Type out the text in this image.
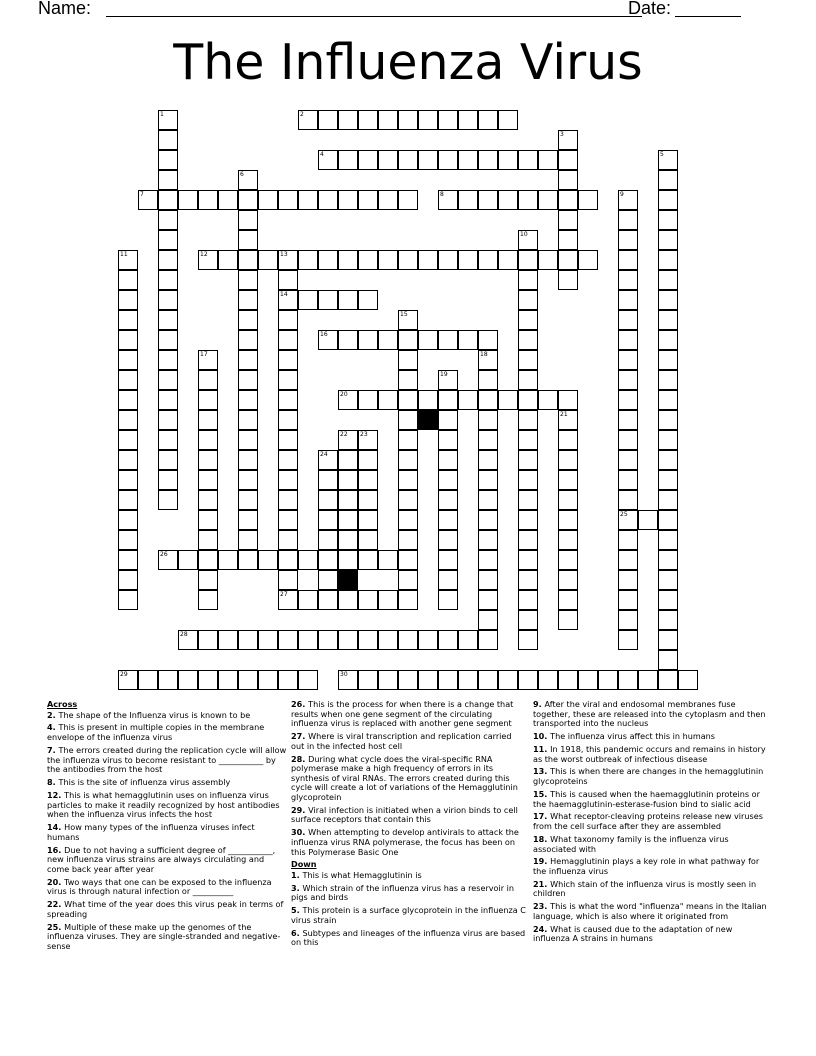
Name:	Date:
The Influenza Virus
1	2
3
4	5
6
7	8	9
25
10
11	12	13
14
15
16
17	18
19
20
21
22 23
24
26
27
28
29	30
Across
2. The shape of the Influenza virus is known to be
4. This is present in multiple copies in the membrane envelope of the influenza virus
7. The errors created during the replication cycle will allow the influenza virus to become resistant to ___________ by the antibodies from the host
8. This is the site of influenza virus assembly
12. This is what hemagglutinin uses on influenza virus particles to make it readily recognized by host antibodies when the influenza virus infects the host
14. How many types of the influenza viruses infect humans
16. Due to not having a sufficient degree of ___________, new influenza virus strains are always circulating and come back year after year
20. Two ways that one can be exposed to the influenza virus is through natural infection or __________
22. What time of the year does this virus peak in terms of spreading
25. Multiple of these make up the genomes of the influenza viruses. They are single-stranded and negative-sense
26. This is the process for when there is a change that results when one gene segment of the circulating influenza virus is replaced with another gene segment
27. Where is viral transcription and replication carried out in the infected host cell
28. During what cycle does the viral-specific RNA polymerase make a high frequency of errors in its synthesis of viral RNAs. The errors created during this cycle will create a lot of variations of the Hemagglutinin glycoprotein
29. Viral infection is initiated when a virion binds to cell surface receptors that contain this
30. When attempting to develop antivirals to attack the influenza virus RNA polymerase, the focus has been on this Polymerase Basic One
Down
1. This is what Hemagglutinin is
3. Which strain of the influenza virus has a reservoir in pigs and birds
5. This protein is a surface glycoprotein in the influenza C virus strain
6. Subtypes and lineages of the influenza virus are based on this
9. After the viral and endosomal membranes fuse together, these are released into the cytoplasm and then transported into the nucleus
10. The influenza virus affect this in humans
11. In 1918, this pandemic occurs and remains in history as the worst outbreak of infectious disease
13. This is when there are changes in the hemagglutinin glycoproteins
15. This is caused when the haemagglutinin proteins or the haemagglutinin-esterase-fusion bind to sialic acid
17. What receptor-cleaving proteins release new viruses from the cell surface after they are assembled
18. What taxonomy family is the influenza virus associated with
19. Hemagglutinin plays a key role in what pathway for the influenza virus
21. Which stain of the influenza virus is mostly seen in children
23. This is what the word "influenza" means in the Italian language, which is also where it originated from
24. What is caused due to the adaptation of new influenza A strains in humans
